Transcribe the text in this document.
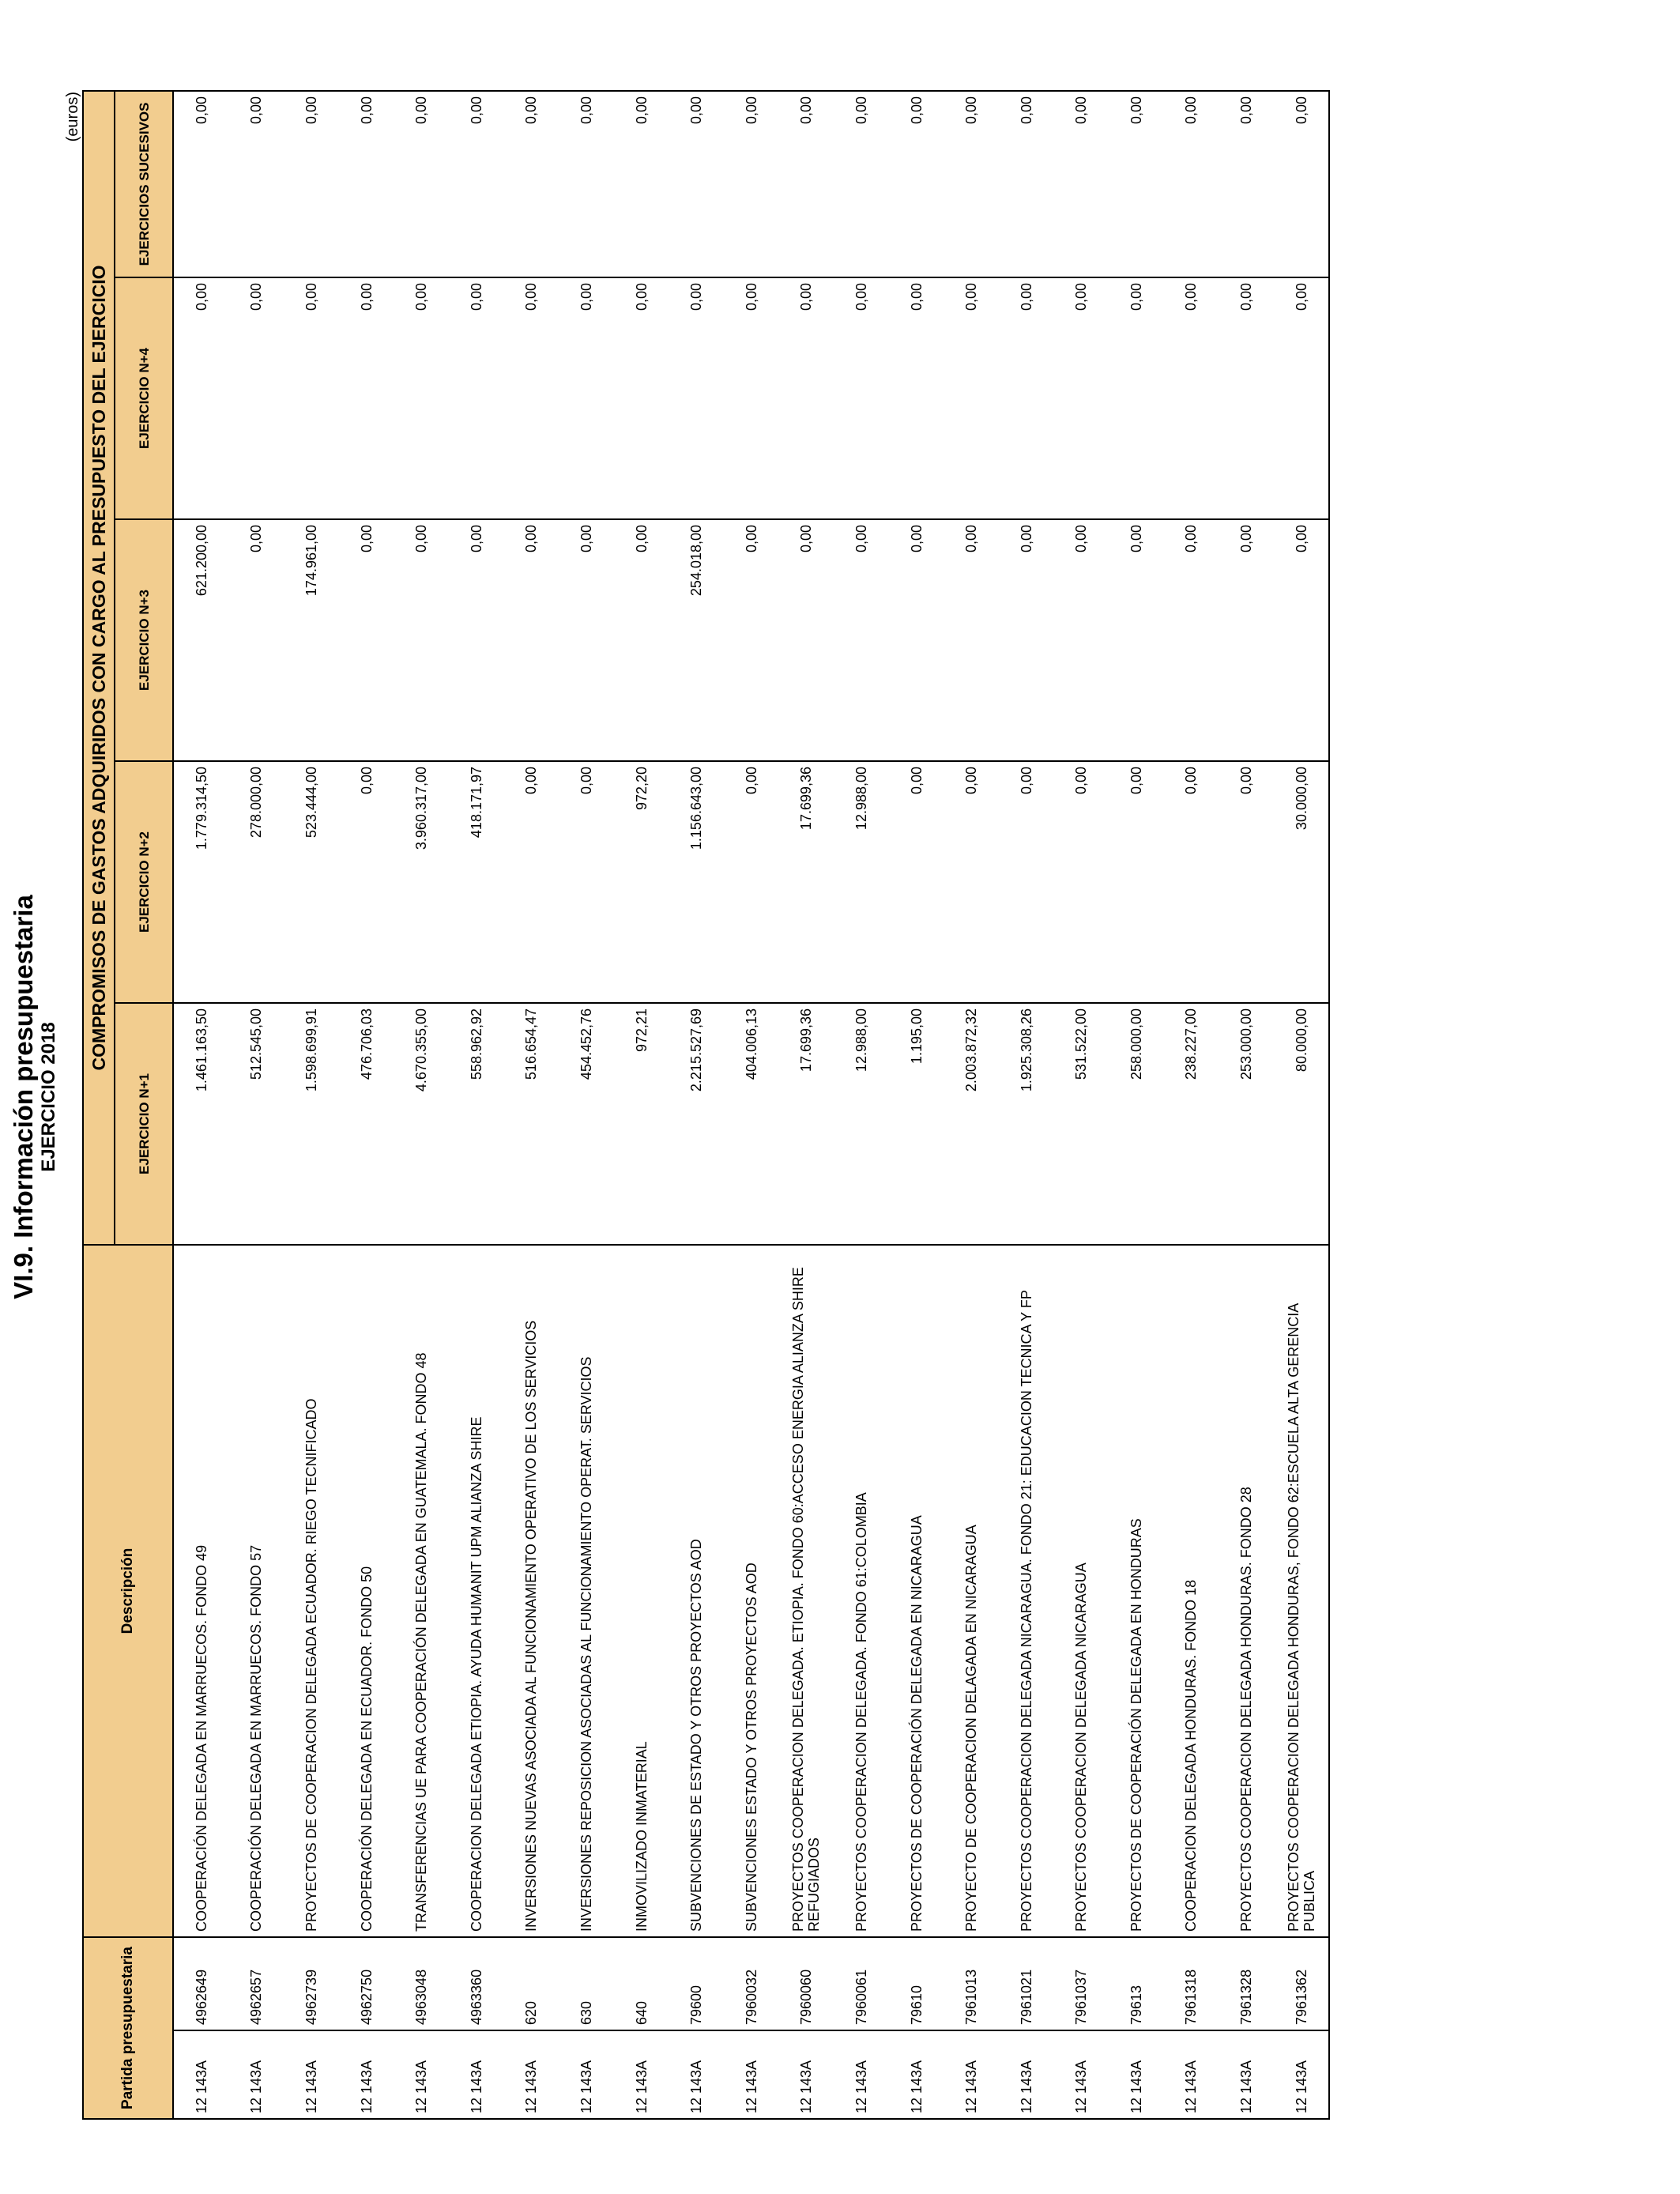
VI.9. Información presupuestaria EJERCICIO 2018
(euros)
Partida presupuestaria		Descripción	COMPROMISOS DE GASTOS ADQUIRIDOS CON CARGO AL PRESUPUESTO DEL EJERCICIO				
			EJERCICIO N+1	EJERCICIO N+2	EJERCICIO N+3	EJERCICIO N+4	EJERCICIOS SUCESIVOS
12 143A	4962649	COOPERACIÓN DELEGADA EN MARRUECOS. FONDO 49	1.461.163,50	1.779.314,50	621.200,00	0,00	0,00
12 143A	4962657	COOPERACIÓN DELEGADA EN MARRUECOS. FONDO 57	512.545,00	278.000,00	0,00	0,00	0,00
12 143A	4962739	PROYECTOS DE COOPERACION DELEGADA ECUADOR. RIEGO TECNIFICADO	1.598.699,91	523.444,00	174.961,00	0,00	0,00
12 143A	4962750	COOPERACIÓN DELEGADA EN ECUADOR. FONDO 50	476.706,03	0,00	0,00	0,00	0,00
12 143A	4963048	TRANSFERENCIAS UE PARA COOPERACIÓN DELEGADA EN GUATEMALA. FONDO 48	4.670.355,00	3.960.317,00	0,00	0,00	0,00
12 143A	4963360	COOPERACION DELEGADA ETIOPIA. AYUDA HUMANIT UPM ALIANZA SHIRE	558.962,92	418.171,97	0,00	0,00	0,00
12 143A	620	INVERSIONES NUEVAS ASOCIADA AL FUNCIONAMIENTO OPERATIVO DE LOS SERVICIOS	516.654,47	0,00	0,00	0,00	0,00
12 143A	630	INVERSIONES REPOSICION ASOCIADAS AL FUNCIONAMIENTO OPERAT. SERVICIOS	454.452,76	0,00	0,00	0,00	0,00
12 143A	640	INMOVILIZADO INMATERIAL	972,21	972,20	0,00	0,00	0,00
12 143A	79600	SUBVENCIONES DE ESTADO Y OTROS PROYECTOS AOD	2.215.527,69	1.156.643,00	254.018,00	0,00	0,00
12 143A	7960032	SUBVENCIONES ESTADO Y OTROS PROYECTOS AOD	404.006,13	0,00	0,00	0,00	0,00
12 143A	7960060	PROYECTOS COOPERACION DELEGADA. ETIOPIA. FONDO 60:ACCESO ENERGIA ALIANZA SHIRE REFUGIADOS	17.699,36	17.699,36	0,00	0,00	0,00
12 143A	7960061	PROYECTOS COOPERACION DELEGADA. FONDO 61:COLOMBIA	12.988,00	12.988,00	0,00	0,00	0,00
12 143A	79610	PROYECTOS DE COOPERACIÓN DELEGADA EN NICARAGUA	1.195,00	0,00	0,00	0,00	0,00
12 143A	7961013	PROYECTO DE COOPERACION DELAGADA EN NICARAGUA	2.003.872,32	0,00	0,00	0,00	0,00
12 143A	7961021	PROYECTOS COOPERACION DELEGADA NICARAGUA. FONDO 21: EDUCACION TECNICA Y FP	1.925.308,26	0,00	0,00	0,00	0,00
12 143A	7961037	PROYECTOS COOPERACION DELEGADA NICARAGUA	531.522,00	0,00	0,00	0,00	0,00
12 143A	79613	PROYECTOS DE COOPERACIÓN DELEGADA EN HONDURAS	258.000,00	0,00	0,00	0,00	0,00
12 143A	7961318	COOPERACION DELEGADA HONDURAS. FONDO 18	238.227,00	0,00	0,00	0,00	0,00
12 143A	7961328	PROYECTOS COOPERACION DELEGADA HONDURAS. FONDO 28	253.000,00	0,00	0,00	0,00	0,00
12 143A	7961362	PROYECTOS COOPERACION DELEGADA HONDURAS, FONDO 62:ESCUELA ALTA GERENCIA PUBLICA	80.000,00	30.000,00	0,00	0,00	0,00
